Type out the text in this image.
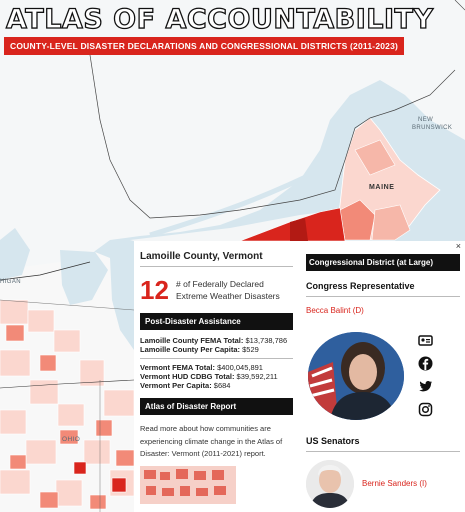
ATLAS OF ACCOUNTABILITY
COUNTY-LEVEL DISASTER DECLARATIONS AND CONGRESSIONAL DISTRICTS (2011-2023)
HIGAN
OHIO
NEW
BRUNSWICK
MAINE
×
Lamoille County, Vermont
12 # of Federally Declared
Extreme Weather Disasters
Post-Disaster Assistance
Lamoille County FEMA Total: $13,738,786
Lamoille County Per Capita: $529
Vermont FEMA Total: $400,045,891
Vermont HUD CDBG Total: $39,592,211
Vermont Per Capita: $684
Atlas of Disaster Report
Read more about how communities are experiencing climate change in the Atlas of Disaster: Vermont (2011-2021) report.
Congressional District (at Large)
Congress Representative
Becca Balint (D)
US Senators
Bernie Sanders (I)
